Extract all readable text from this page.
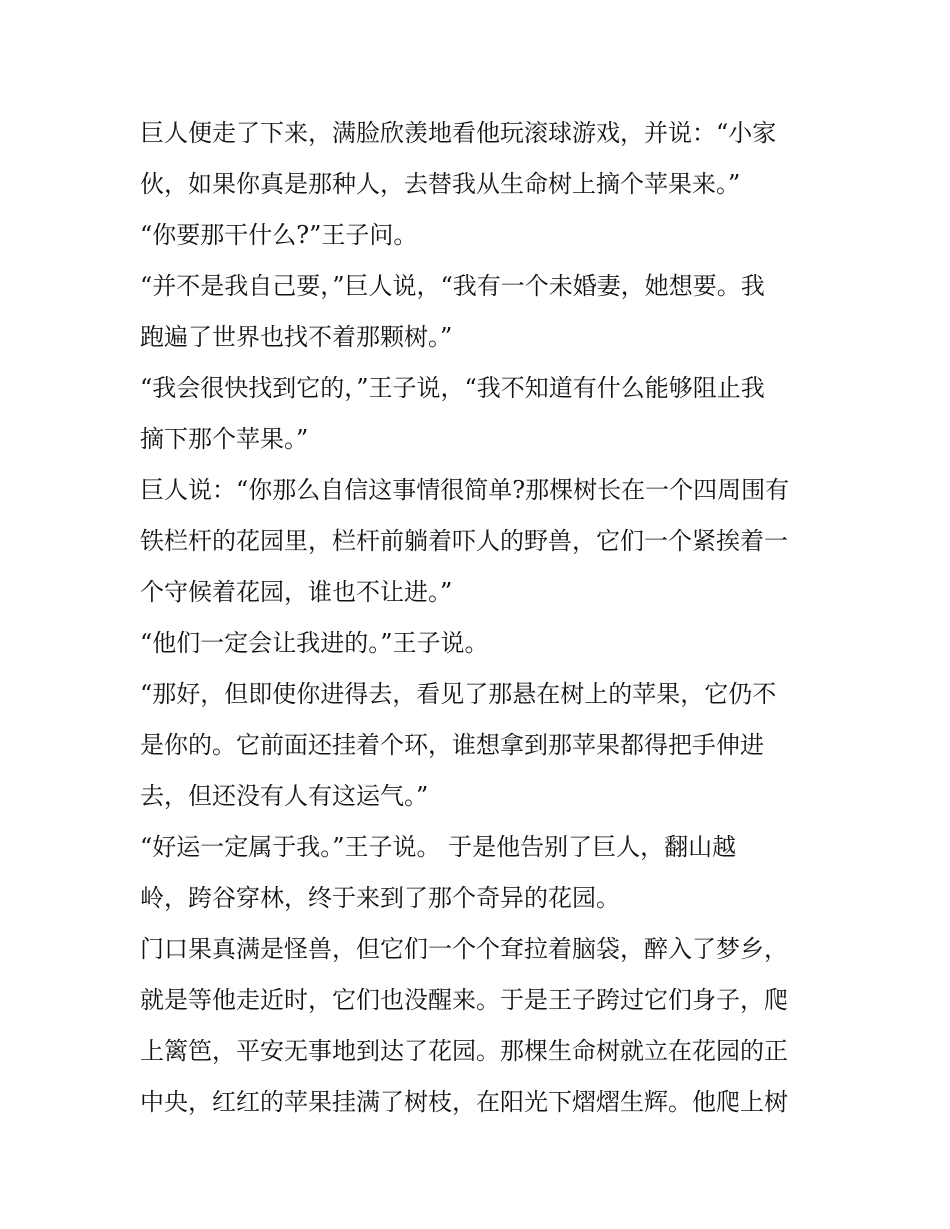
巨人便走了下来，满脸欣羡地看他玩滚球游戏，并说：“小家
伙，如果你真是那种人，去替我从生命树上摘个苹果来。”
“你要那干什么?”王子问。
“并不是我自己要，”巨人说，“我有一个未婚妻，她想要。我
跑遍了世界也找不着那颗树。”
“我会很快找到它的，”王子说，“我不知道有什么能够阻止我
摘下那个苹果。”
巨人说：“你那么自信这事情很简单?那棵树长在一个四周围有
铁栏杆的花园里，栏杆前躺着吓人的野兽，它们一个紧挨着一
个守候着花园，谁也不让进。”
“他们一定会让我进的。”王子说。
“那好，但即使你进得去，看见了那悬在树上的苹果，它仍不
是你的。它前面还挂着个环，谁想拿到那苹果都得把手伸进
去，但还没有人有这运气。”
“好运一定属于我。”王子说。 于是他告别了巨人，翻山越
岭，跨谷穿林，终于来到了那个奇异的花园。
门口果真满是怪兽，但它们一个个耷拉着脑袋，醉入了梦乡，
就是等他走近时，它们也没醒来。于是王子跨过它们身子，爬
上篱笆，平安无事地到达了花园。那棵生命树就立在花园的正
中央，红红的苹果挂满了树枝，在阳光下熠熠生辉。他爬上树
